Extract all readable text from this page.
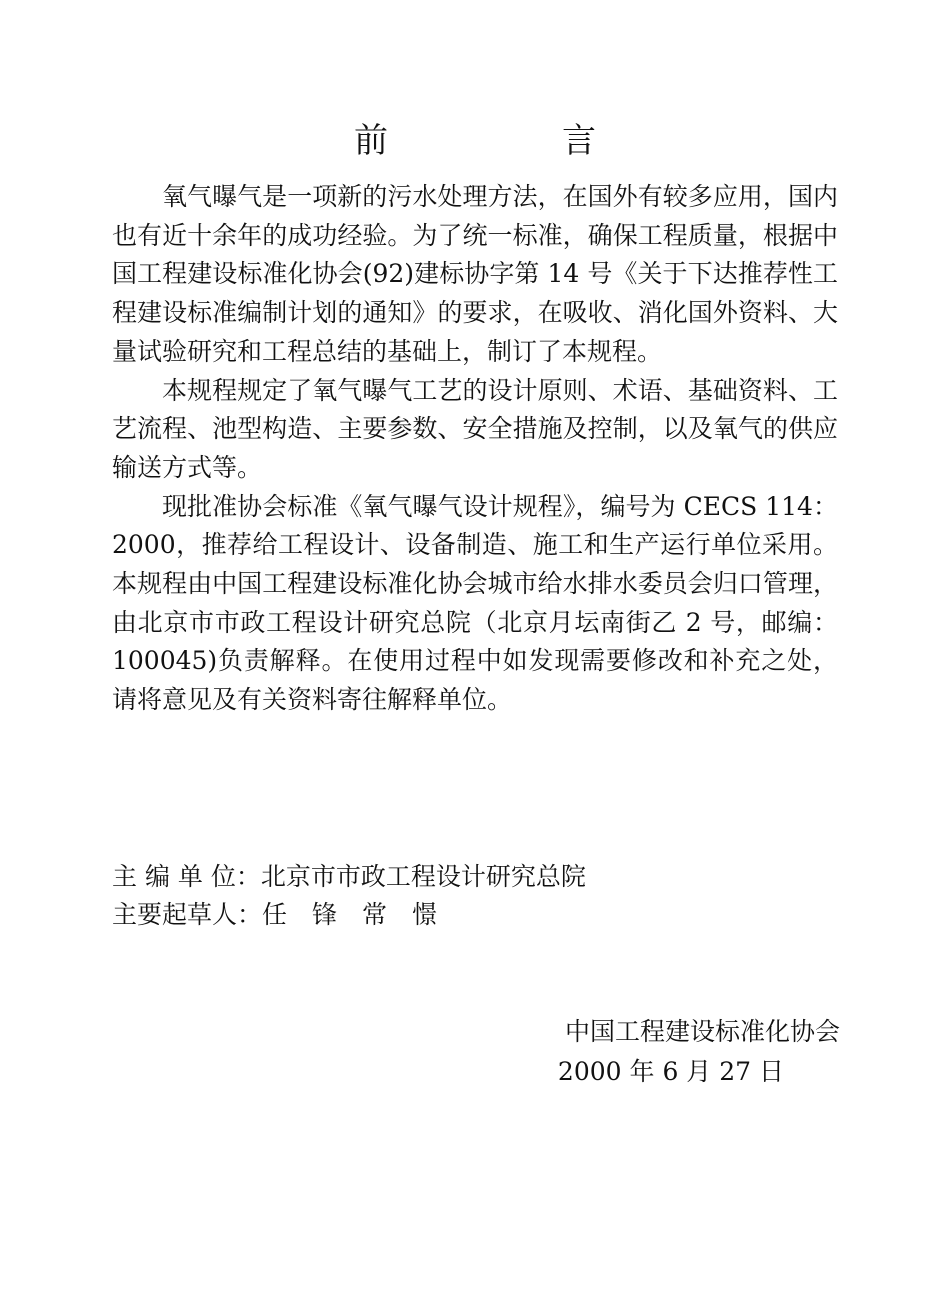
前　言

氧气曝气是一项新的污水处理方法，在国外有较多应用，国内也有近十余年的成功经验。为了统一标准，确保工程质量，根据中国工程建设标准化协会(92)建标协字第 14 号《关于下达推荐性工程建设标准编制计划的通知》的要求，在吸收、消化国外资料、大量试验研究和工程总结的基础上，制订了本规程。

本规程规定了氧气曝气工艺的设计原则、术语、基础资料、工艺流程、池型构造、主要参数、安全措施及控制，以及氧气的供应输送方式等。

现批准协会标准《氧气曝气设计规程》，编号为 CECS 114：2000，推荐给工程设计、设备制造、施工和生产运行单位采用。本规程由中国工程建设标准化协会城市给水排水委员会归口管理，由北京市市政工程设计研究总院（北京月坛南街乙 2 号，邮编：100045)负责解释。在使用过程中如发现需要修改和补充之处，请将意见及有关资料寄往解释单位。

主 编 单 位：北京市市政工程设计研究总院
主要起草人：任　锋　常　憬
中国工程建设标准化协会
2000 年 6 月 27 日
